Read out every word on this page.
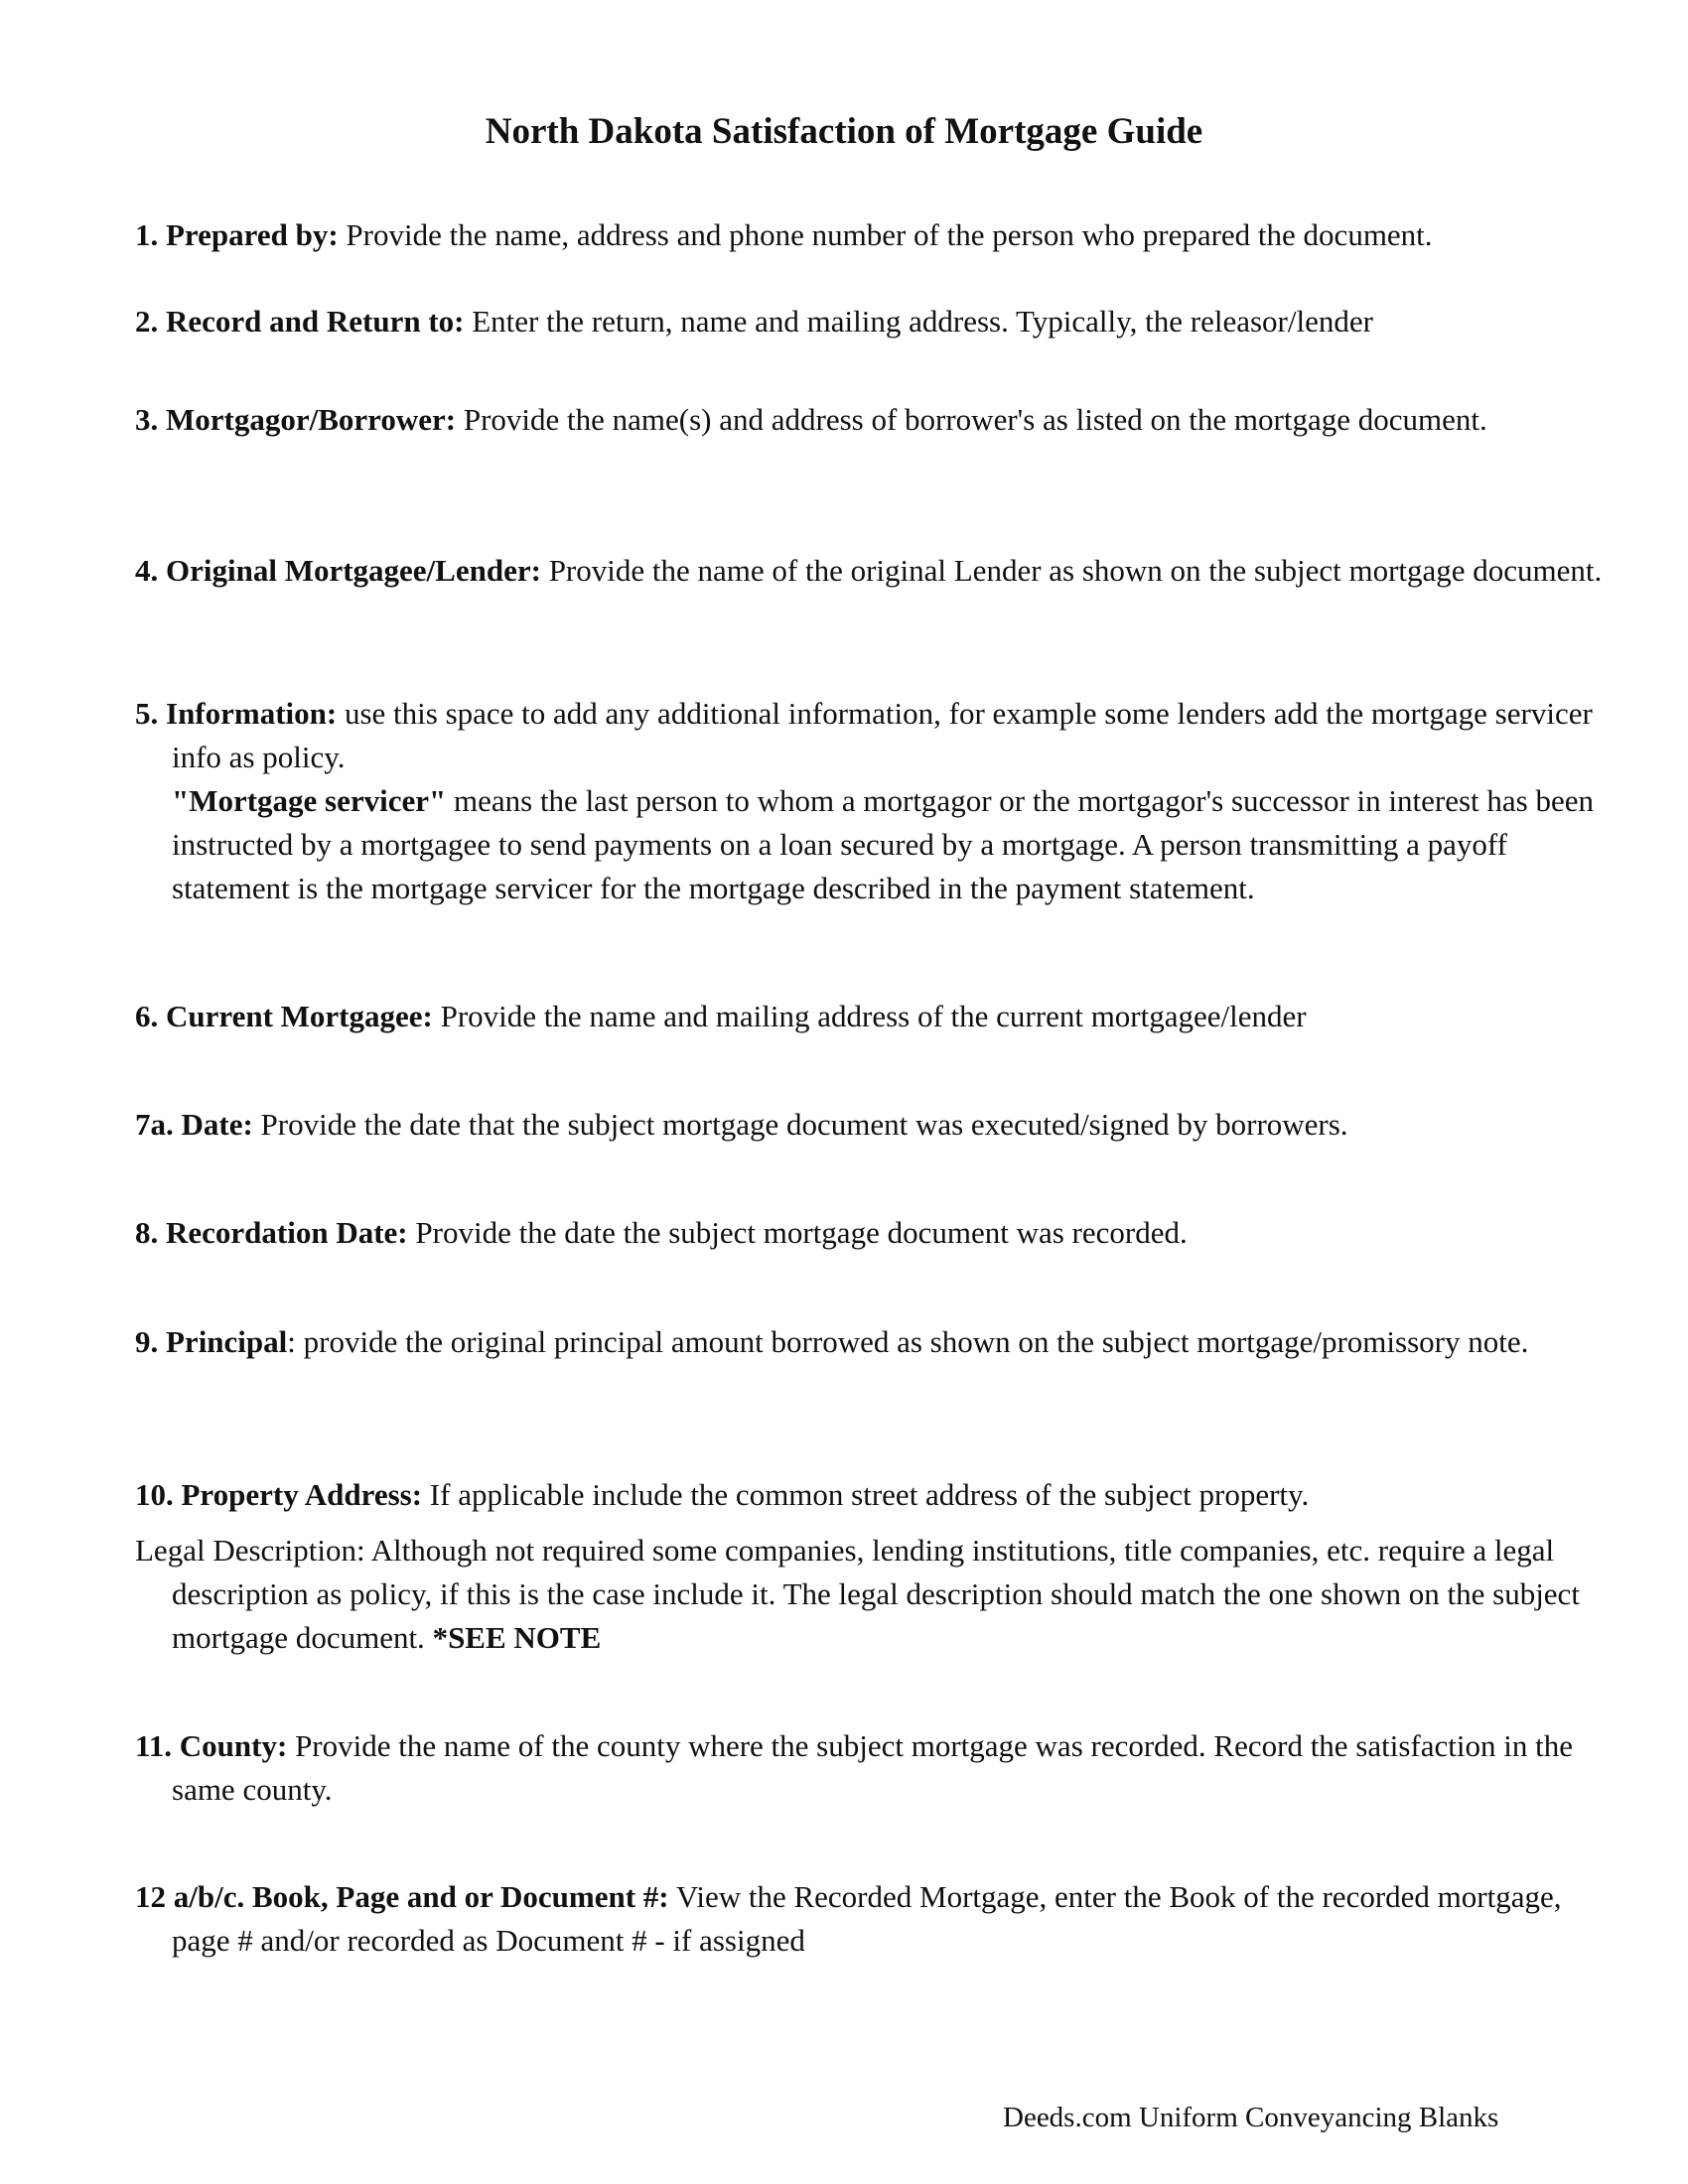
North Dakota Satisfaction of Mortgage Guide
1. Prepared by: Provide the name, address and phone number of the person who prepared the document.
2. Record and Return to: Enter the return, name and mailing address. Typically, the releasor/lender
3. Mortgagor/Borrower: Provide the name(s) and address of borrower's as listed on the mortgage document.
4. Original Mortgagee/Lender: Provide the name of the original Lender as shown on the subject mortgage document.
5. Information: use this space to add any additional information, for example some lenders add the mortgage servicer info as policy.
"Mortgage servicer" means the last person to whom a mortgagor or the mortgagor's successor in interest has been instructed by a mortgagee to send payments on a loan secured by a mortgage. A person transmitting a payoff statement is the mortgage servicer for the mortgage described in the payment statement.
6. Current Mortgagee: Provide the name and mailing address of the current mortgagee/lender
7a. Date: Provide the date that the subject mortgage document was executed/signed by borrowers.
8. Recordation Date: Provide the date the subject mortgage document was recorded.
9. Principal: provide the original principal amount borrowed as shown on the subject mortgage/promissory note.
10. Property Address: If applicable include the common street address of the subject property.
Legal Description: Although not required some companies, lending institutions, title companies, etc. require a legal description as policy, if this is the case include it. The legal description should match the one shown on the subject mortgage document. *SEE NOTE
11. County: Provide the name of the county where the subject mortgage was recorded. Record the satisfaction in the same county.
12 a/b/c. Book, Page and or Document #: View the Recorded Mortgage, enter the Book of the recorded mortgage, page # and/or recorded as Document # - if assigned
Deeds.com Uniform Conveyancing Blanks
